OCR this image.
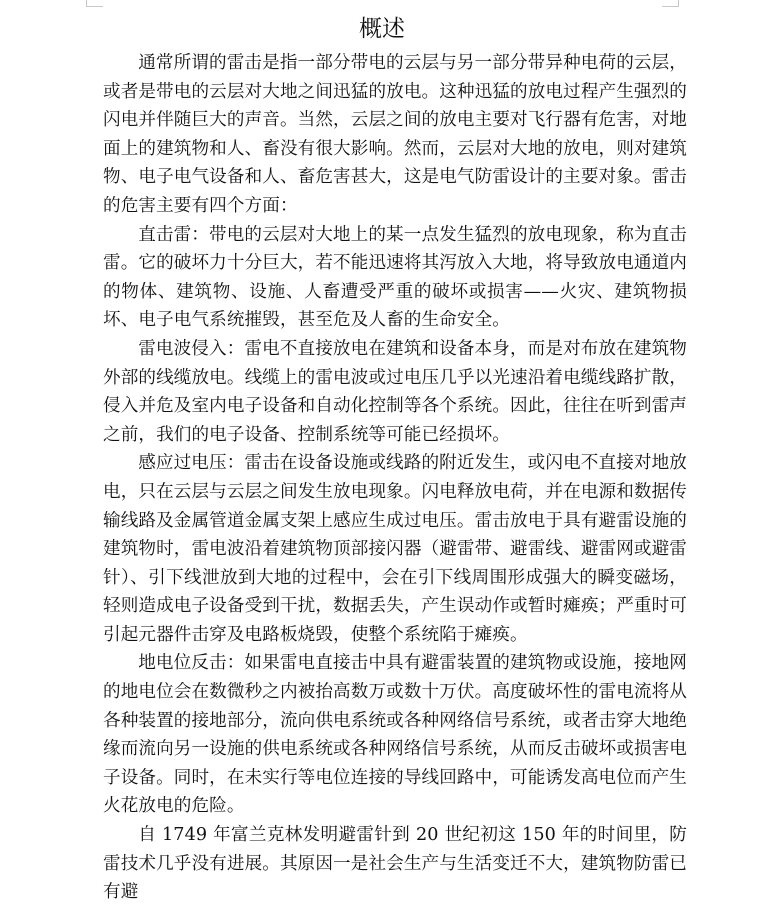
概述

通常所谓的雷击是指一部分带电的云层与另一部分带异种电荷的云层，或者是带电的云层对大地之间迅猛的放电。这种迅猛的放电过程产生强烈的闪电并伴随巨大的声音。当然，云层之间的放电主要对飞行器有危害，对地面上的建筑物和人、畜没有很大影响。然而，云层对大地的放电，则对建筑物、电子电气设备和人、畜危害甚大，这是电气防雷设计的主要对象。雷击的危害主要有四个方面：

直击雷：带电的云层对大地上的某一点发生猛烈的放电现象，称为直击雷。它的破坏力十分巨大，若不能迅速将其泻放入大地，将导致放电通道内的物体、建筑物、设施、人畜遭受严重的破坏或损害——火灾、建筑物损坏、电子电气系统摧毁，甚至危及人畜的生命安全。

雷电波侵入：雷电不直接放电在建筑和设备本身，而是对布放在建筑物外部的线缆放电。线缆上的雷电波或过电压几乎以光速沿着电缆线路扩散，侵入并危及室内电子设备和自动化控制等各个系统。因此，往往在听到雷声之前，我们的电子设备、控制系统等可能已经损坏。

感应过电压：雷击在设备设施或线路的附近发生，或闪电不直接对地放电，只在云层与云层之间发生放电现象。闪电释放电荷，并在电源和数据传输线路及金属管道金属支架上感应生成过电压。雷击放电于具有避雷设施的建筑物时，雷电波沿着建筑物顶部接闪器（避雷带、避雷线、避雷网或避雷针）、引下线泄放到大地的过程中，会在引下线周围形成强大的瞬变磁场，轻则造成电子设备受到干扰，数据丢失，产生误动作或暂时瘫痪；严重时可引起元器件击穿及电路板烧毁，使整个系统陷于瘫痪。

地电位反击：如果雷电直接击中具有避雷装置的建筑物或设施，接地网的地电位会在数微秒之内被抬高数万或数十万伏。高度破坏性的雷电流将从各种装置的接地部分，流向供电系统或各种网络信号系统，或者击穿大地绝缘而流向另一设施的供电系统或各种网络信号系统，从而反击破坏或损害电子设备。同时，在未实行等电位连接的导线回路中，可能诱发高电位而产生火花放电的危险。

自 1749 年富兰克林发明避雷针到 20 世纪初这 150 年的时间里，防雷技术几乎没有进展。其原因一是社会生产与生活变迁不大，建筑物防雷已有避
